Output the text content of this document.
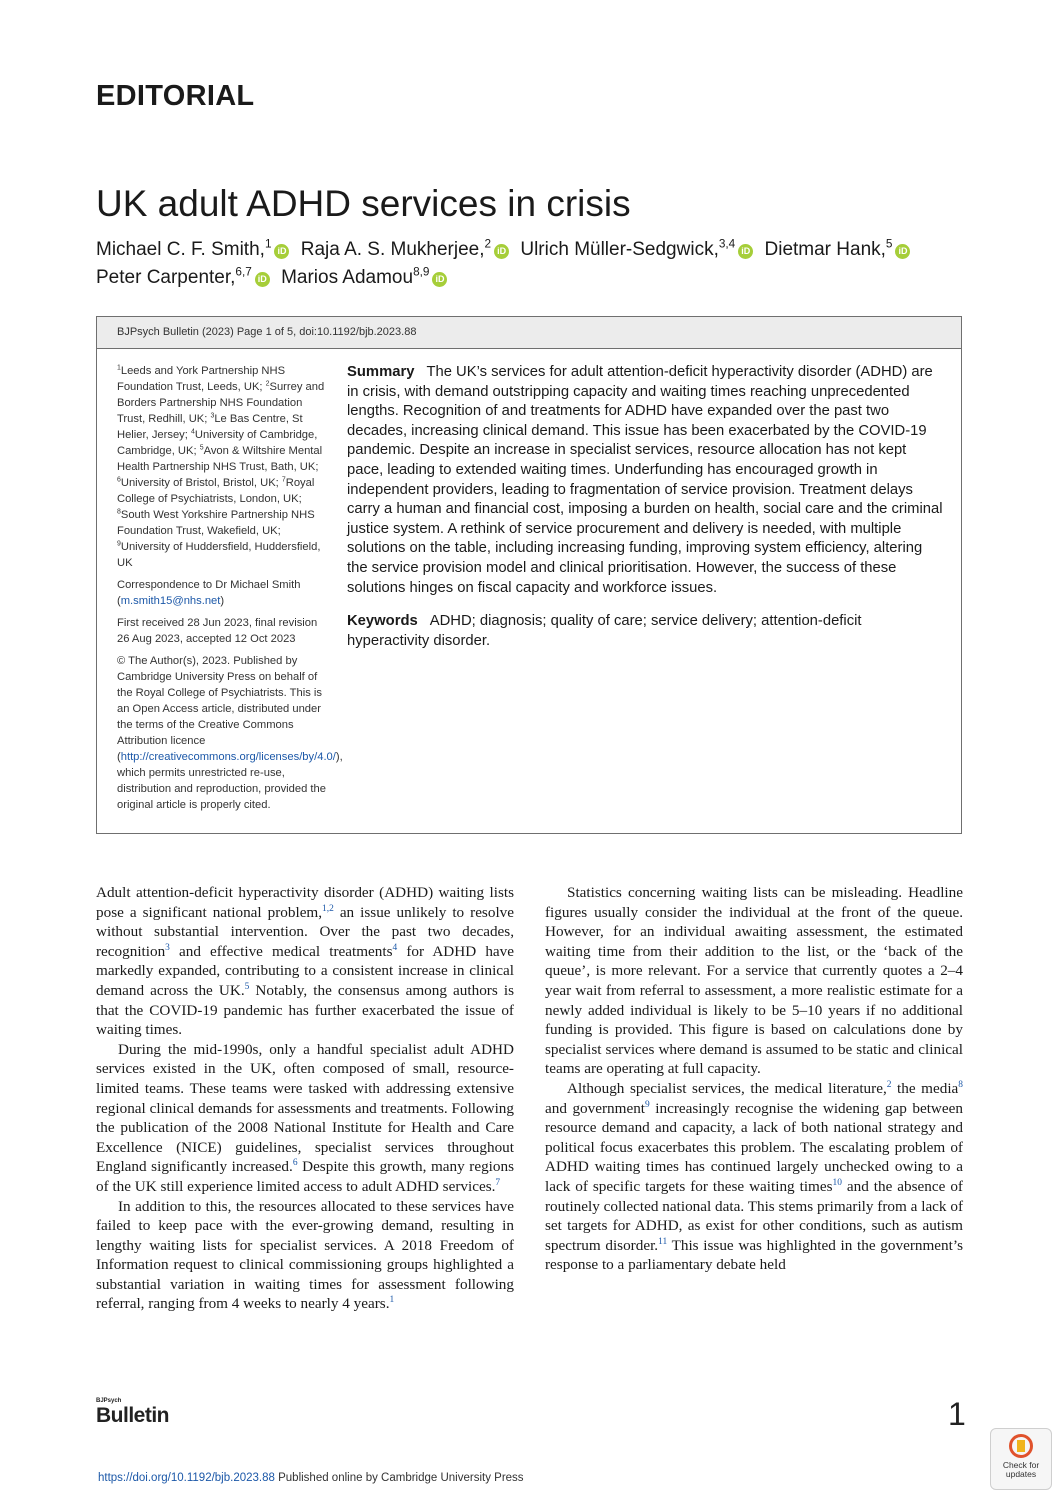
EDITORIAL
UK adult ADHD services in crisis
Michael C. F. Smith,$^1$iD Raja A. S. Mukherjee,$^2$iD Ulrich Müller-Sedgwick,$^{3,4}$iD Dietmar Hank,$^5$iD
Peter Carpenter,$^{6,7}$iD Marios Adamou$^{8,9}$iD
BJPsych Bulletin (2023) Page 1 of 5, doi:10.1192/bjb.2023.88

$^1$Leeds and York Partnership NHS Foundation Trust, Leeds, UK; $^2$Surrey and Borders Partnership NHS Foundation Trust, Redhill, UK; $^3$Le Bas Centre, St Helier, Jersey; $^4$University of Cambridge, Cambridge, UK; $^5$Avon & Wiltshire Mental Health Partnership NHS Trust, Bath, UK; $^6$University of Bristol, Bristol, UK; $^7$Royal College of Psychiatrists, London, UK; $^8$South West Yorkshire Partnership NHS Foundation Trust, Wakefield, UK; $^9$University of Huddersfield, Huddersfield, UK

Correspondence to Dr Michael Smith (m.smith15@nhs.net)

First received 28 Jun 2023, final revision 26 Aug 2023, accepted 12 Oct 2023

© The Author(s), 2023. Published by Cambridge University Press on behalf of the Royal College of Psychiatrists. This is an Open Access article, distributed under the terms of the Creative Commons Attribution licence (http://creativecommons.org/licenses/by/4.0/), which permits unrestricted re-use, distribution and reproduction, provided the original article is properly cited.

Summary The UK’s services for adult attention-deficit hyperactivity disorder (ADHD) are in crisis, with demand outstripping capacity and waiting times reaching unprecedented lengths. Recognition of and treatments for ADHD have expanded over the past two decades, increasing clinical demand. This issue has been exacerbated by the COVID-19 pandemic. Despite an increase in specialist services, resource allocation has not kept pace, leading to extended waiting times. Underfunding has encouraged growth in independent providers, leading to fragmentation of service provision. Treatment delays carry a human and financial cost, imposing a burden on health, social care and the criminal justice system. A rethink of service procurement and delivery is needed, with multiple solutions on the table, including increasing funding, improving system efficiency, altering the service provision model and clinical prioritisation. However, the success of these solutions hinges on fiscal capacity and workforce issues.

Keywords ADHD; diagnosis; quality of care; service delivery; attention-deficit hyperactivity disorder.

Adult attention-deficit hyperactivity disorder (ADHD) waiting lists pose a significant national problem,$^{1,2}$ an issue unlikely to resolve without substantial intervention. Over the past two decades, recognition$^3$ and effective medical treatments$^4$ for ADHD have markedly expanded, contributing to a consistent increase in clinical demand across the UK.$^5$ Notably, the consensus among authors is that the COVID-19 pandemic has further exacerbated the issue of waiting times.

During the mid-1990s, only a handful specialist adult ADHD services existed in the UK, often composed of small, resource-limited teams. These teams were tasked with addressing extensive regional clinical demands for assessments and treatments. Following the publication of the 2008 National Institute for Health and Care Excellence (NICE) guidelines, specialist services throughout England significantly increased.$^6$ Despite this growth, many regions of the UK still experience limited access to adult ADHD services.$^7$

In addition to this, the resources allocated to these services have failed to keep pace with the ever-growing demand, resulting in lengthy waiting lists for specialist services. A 2018 Freedom of Information request to clinical commissioning groups highlighted a substantial variation in waiting times for assessment following referral, ranging from 4 weeks to nearly 4 years.$^1$

Statistics concerning waiting lists can be misleading. Headline figures usually consider the individual at the front of the queue. However, for an individual awaiting assessment, the estimated waiting time from their addition to the list, or the ‘back of the queue’, is more relevant. For a service that currently quotes a 2–4 year wait from referral to assessment, a more realistic estimate for a newly added individual is likely to be 5–10 years if no additional funding is provided. This figure is based on calculations done by specialist services where demand is assumed to be static and clinical teams are operating at full capacity.

Although specialist services, the medical literature,$^2$ the media$^8$ and government$^9$ increasingly recognise the widening gap between resource demand and capacity, a lack of both national strategy and political focus exacerbates this problem. The escalating problem of ADHD waiting times has continued largely unchecked owing to a lack of specific targets for these waiting times$^{10}$ and the absence of routinely collected national data. This stems primarily from a lack of set targets for ADHD, as exist for other conditions, such as autism spectrum disorder.$^{11}$ This issue was highlighted in the government’s response to a parliamentary debate held

BJPsych
Bulletin	1
https://doi.org/10.1192/bjb.2023.88 Published online by Cambridge University Press
Check for updates
